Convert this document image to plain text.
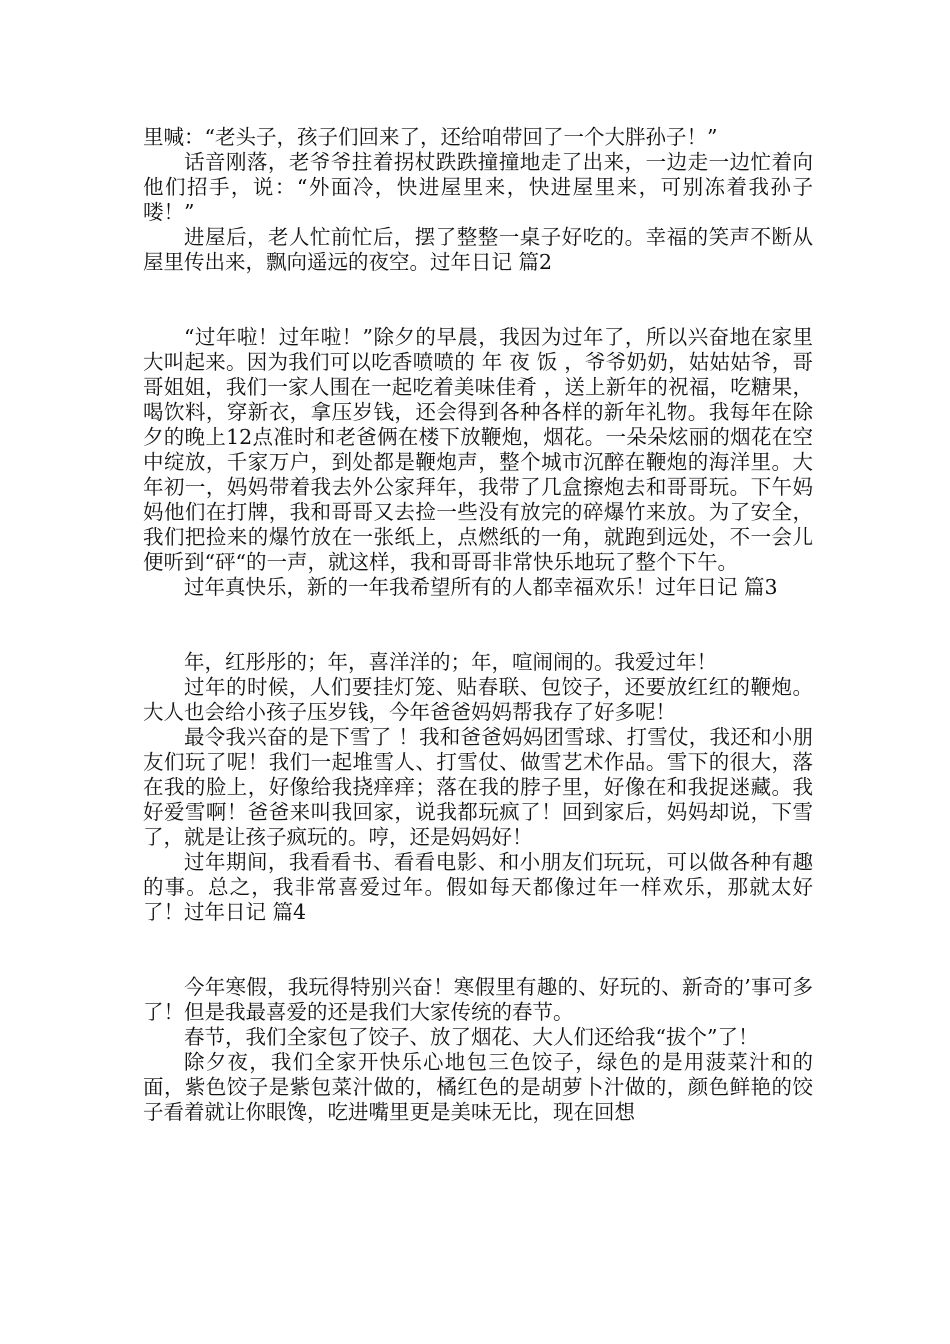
里喊：“老头子，孩子们回来了，还给咱带回了一个大胖孙子！”

话音刚落，老爷爷拄着拐杖跌跌撞撞地走了出来，一边走一边忙着向他们招手，说：“外面冷，快进屋里来，快进屋里来，可别冻着我孙子喽！”

进屋后，老人忙前忙后，摆了整整一桌子好吃的。幸福的笑声不断从屋里传出来，飘向遥远的夜空。过年日记 篇2

“过年啦！过年啦！”除夕的早晨，我因为过年了，所以兴奋地在家里大叫起来。因为我们可以吃香喷喷的 年 夜 饭 ，爷爷奶奶，姑姑姑爷，哥哥姐姐，我们一家人围在一起吃着美味佳肴 ，送上新年的祝福，吃糖果，喝饮料，穿新衣，拿压岁钱，还会得到各种各样的新年礼物。我每年在除夕的晚上12点准时和老爸俩在楼下放鞭炮，烟花。一朵朵炫丽的烟花在空中绽放，千家万户，到处都是鞭炮声，整个城市沉醉在鞭炮的海洋里。大年初一，妈妈带着我去外公家拜年，我带了几盒擦炮去和哥哥玩。下午妈妈他们在打牌，我和哥哥又去捡一些没有放完的碎爆竹来放。为了安全，我们把捡来的爆竹放在一张纸上，点燃纸的一角，就跑到远处，不一会儿便听到“砰“的一声，就这样，我和哥哥非常快乐地玩了整个下午。

过年真快乐，新的一年我希望所有的人都幸福欢乐！过年日记 篇3

年，红彤彤的；年，喜洋洋的；年，喧闹闹的。我爱过年！

过年的时候，人们要挂灯笼、贴春联、包饺子，还要放红红的鞭炮。大人也会给小孩子压岁钱，今年爸爸妈妈帮我存了好多呢！

最令我兴奋的是下雪了 ！我和爸爸妈妈团雪球、打雪仗，我还和小朋友们玩了呢！我们一起堆雪人、打雪仗、做雪艺术作品。雪下的很大，落在我的脸上，好像给我挠痒痒；落在我的脖子里，好像在和我捉迷藏。我好爱雪啊！爸爸来叫我回家，说我都玩疯了！回到家后，妈妈却说，下雪了，就是让孩子疯玩的。哼，还是妈妈好！

过年期间，我看看书、看看电影、和小朋友们玩玩，可以做各种有趣的事。总之，我非常喜爱过年。假如每天都像过年一样欢乐，那就太好了！过年日记 篇4

今年寒假，我玩得特别兴奋！寒假里有趣的、好玩的、新奇的’事可多了！但是我最喜爱的还是我们大家传统的春节。

春节，我们全家包了饺子、放了烟花、大人们还给我“拔个”了！

除夕夜，我们全家开快乐心地包三色饺子，绿色的是用菠菜汁和的面，紫色饺子是紫包菜汁做的，橘红色的是胡萝卜汁做的，颜色鲜艳的饺子看着就让你眼馋，吃进嘴里更是美味无比，现在回想
